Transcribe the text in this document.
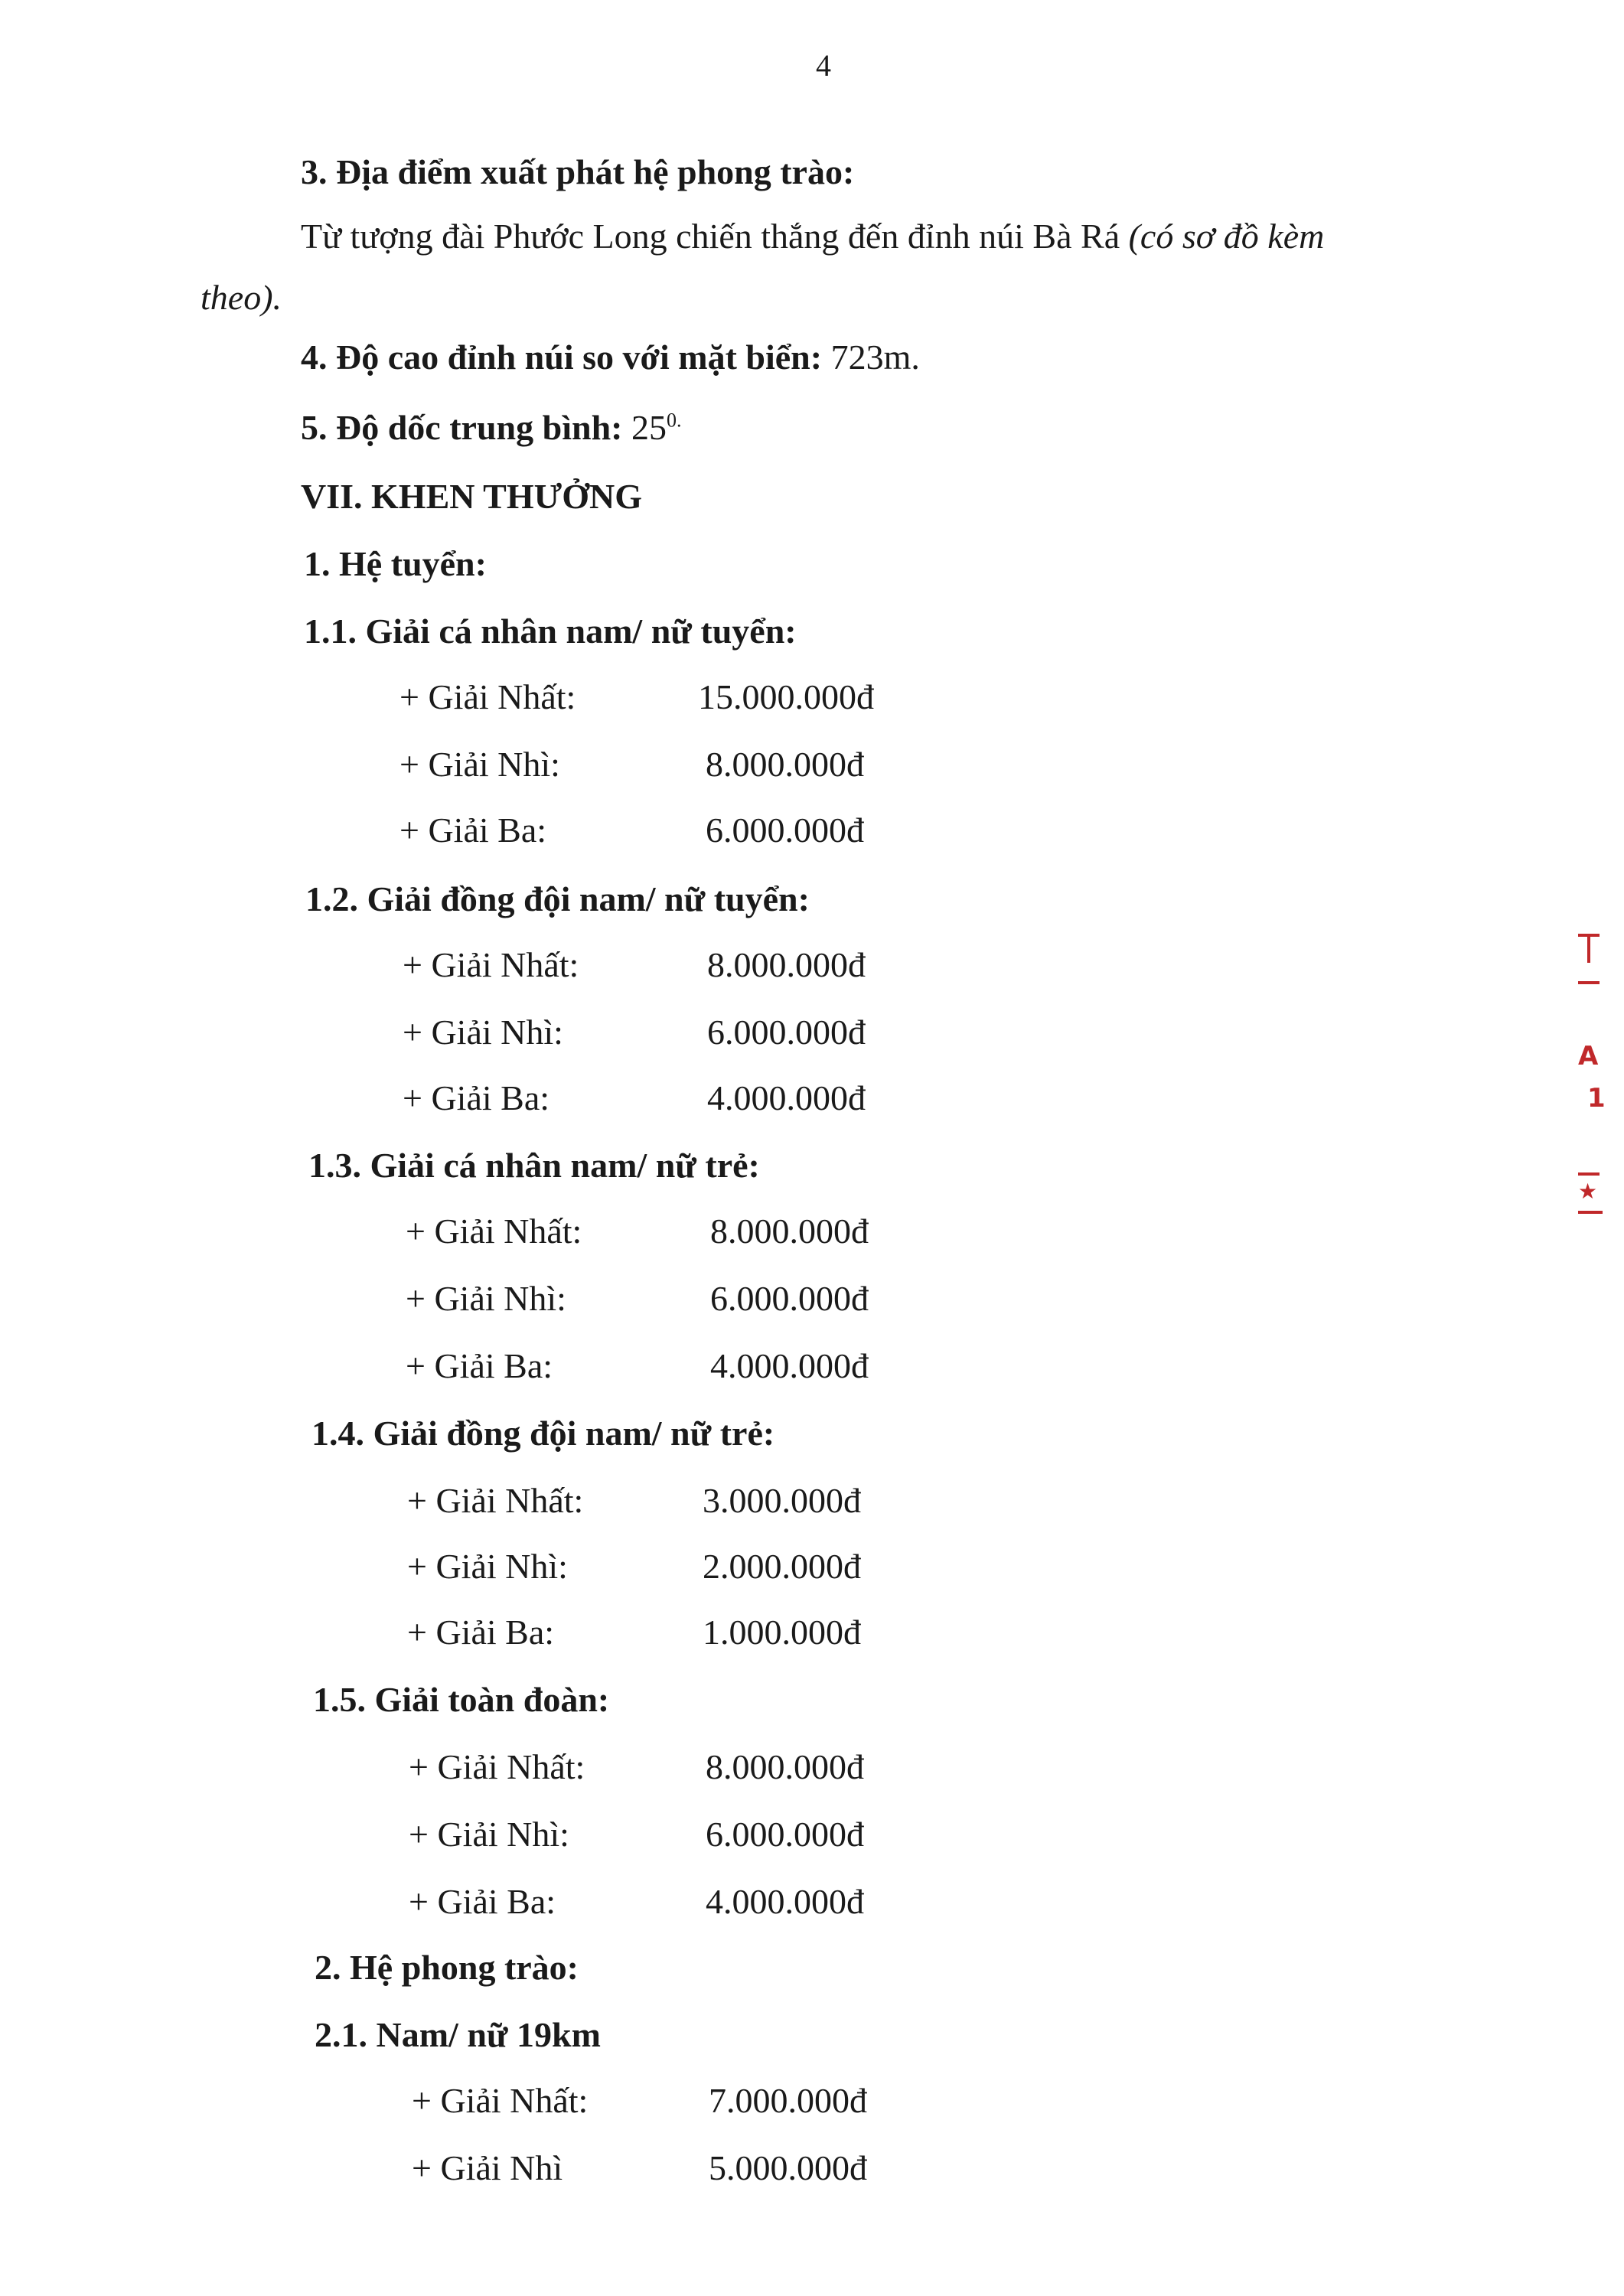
4
3. Địa điểm xuất phát hệ phong trào:
Từ tượng đài Phước Long chiến thắng đến đỉnh núi Bà Rá (có sơ đồ kèm
theo).
4. Độ cao đỉnh núi so với mặt biển: 723m.
5. Độ dốc trung bình: $25^{0.}$
VII. KHEN THƯỞNG
1. Hệ tuyển:
1.1. Giải cá nhân nam/ nữ tuyển:
+ Giải Nhất:	15.000.000đ
+ Giải Nhì:	8.000.000đ
+ Giải Ba:	6.000.000đ
1.2. Giải đồng đội nam/ nữ tuyển:
+ Giải Nhất:	8.000.000đ
+ Giải Nhì:	6.000.000đ
+ Giải Ba:	4.000.000đ
1.3. Giải cá nhân nam/ nữ trẻ:
+ Giải Nhất:	8.000.000đ
+ Giải Nhì:	6.000.000đ
+ Giải Ba:	4.000.000đ
1.4. Giải đồng đội nam/ nữ trẻ:
+ Giải Nhất:	3.000.000đ
+ Giải Nhì:	2.000.000đ
+ Giải Ba:	1.000.000đ
1.5. Giải toàn đoàn:
+ Giải Nhất:	8.000.000đ
+ Giải Nhì:	6.000.000đ
+ Giải Ba:	4.000.000đ
2. Hệ phong trào:
2.1. Nam/ nữ 19km
+ Giải Nhất:	7.000.000đ
+ Giải Nhì	5.000.000đ
A
1
★
